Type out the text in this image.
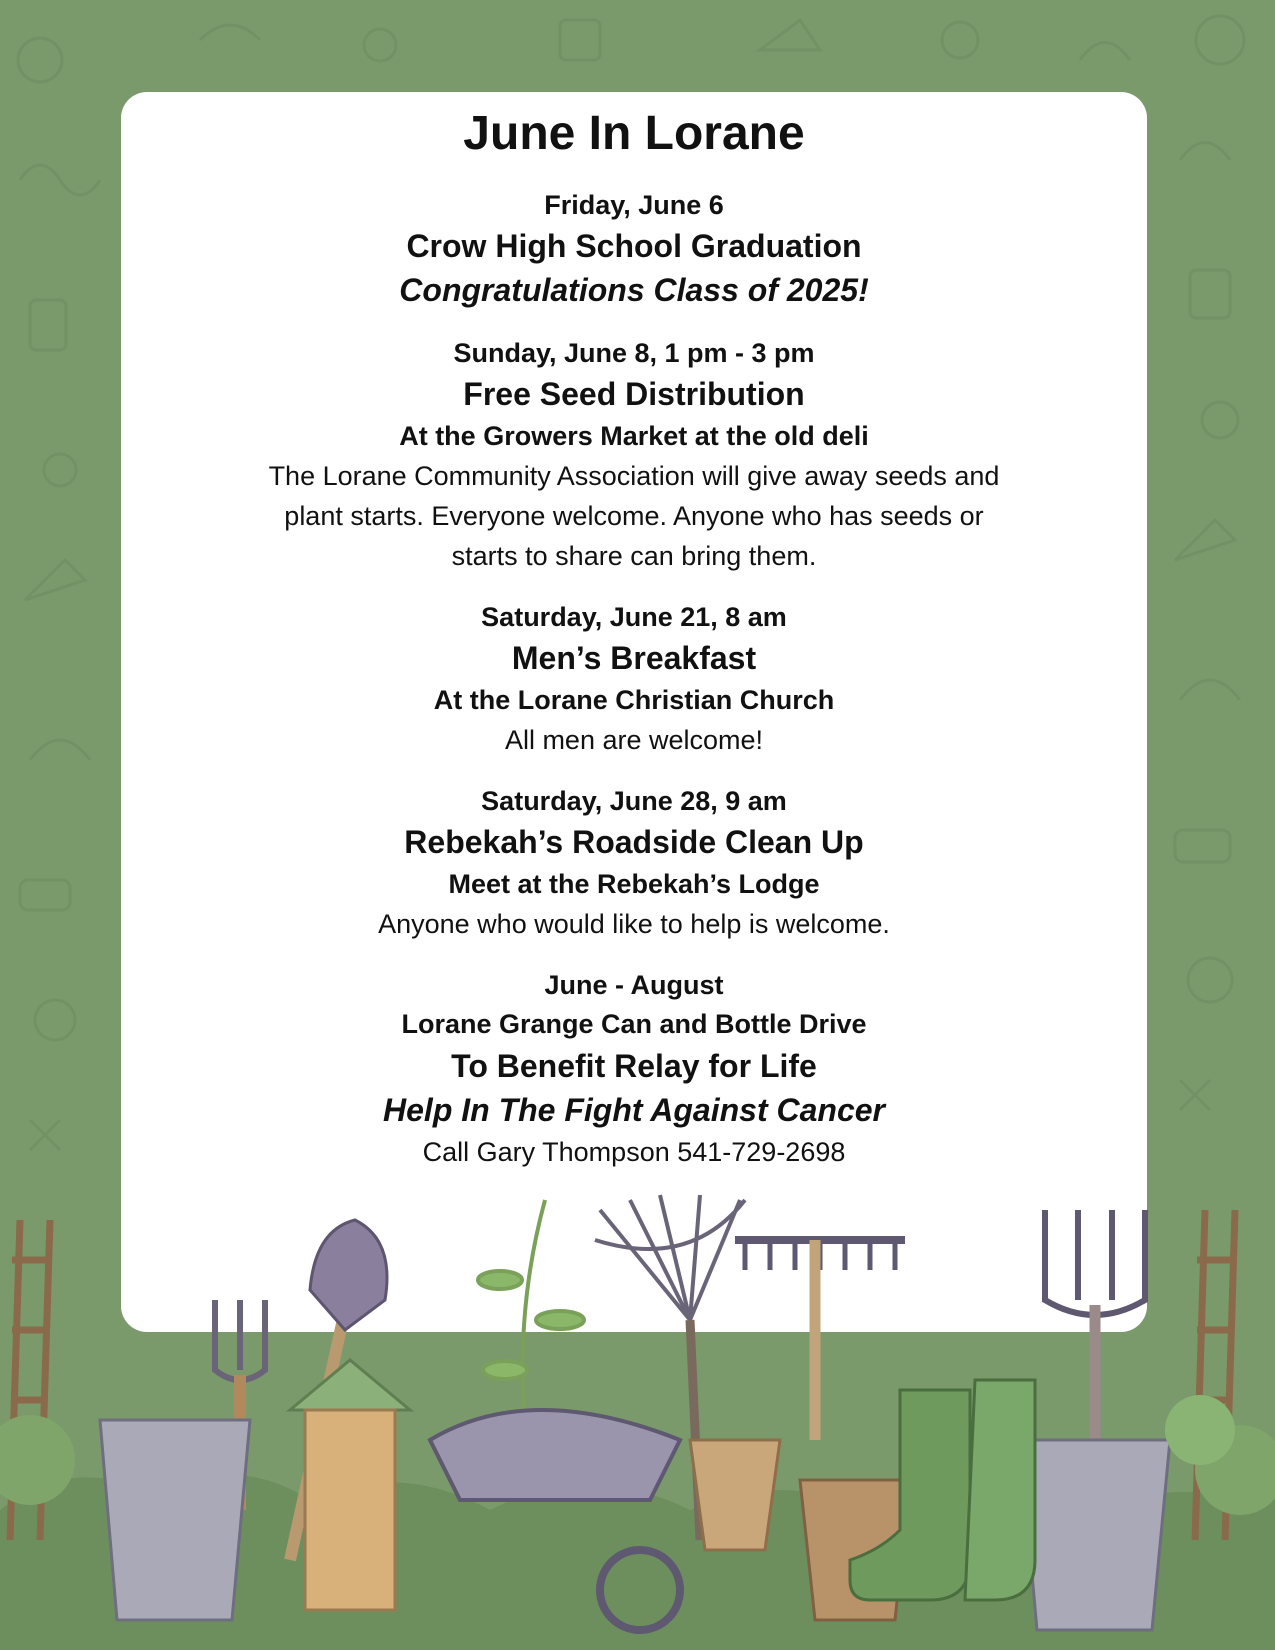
June In Lorane
Friday, June 6
Crow High School Graduation
Congratulations Class of 2025!
Sunday, June 8, 1 pm - 3 pm
Free Seed Distribution
At the Growers Market at the old deli
The Lorane Community Association will give away seeds and plant starts. Everyone welcome. Anyone who has seeds or starts to share can bring them.
Saturday, June 21, 8 am
Men’s Breakfast
At the Lorane Christian Church
All men are welcome!
Saturday, June 28, 9 am
Rebekah’s Roadside Clean Up
Meet at the Rebekah’s Lodge
Anyone who would like to help is welcome.
June - August
Lorane Grange Can and Bottle Drive
To Benefit Relay for Life
Help In The Fight Against Cancer
Call Gary Thompson 541-729-2698
